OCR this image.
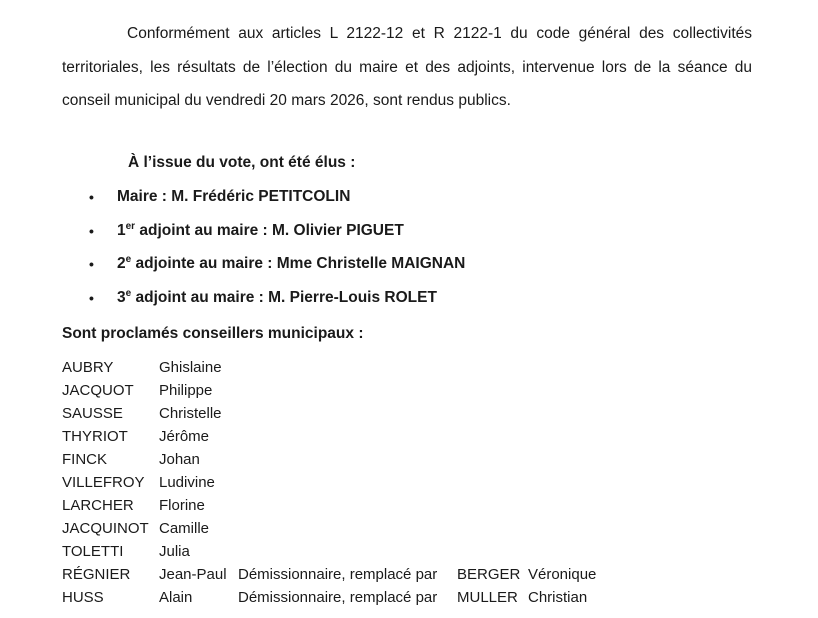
Conformément aux articles L 2122-12 et R 2122-1 du code général des collectivités territoriales, les résultats de l’élection du maire et des adjoints, intervenue lors de la séance du conseil municipal du vendredi 20 mars 2026, sont rendus publics.

À l’issue du vote, ont été élus :

• Maire : M. Frédéric PETITCOLIN
• 1er adjoint au maire : M. Olivier PIGUET
• 2e adjointe au maire : Mme Christelle MAIGNAN
• 3e adjoint au maire : M. Pierre-Louis ROLET

Sont proclamés conseillers municipaux :

AUBRY	Ghislaine
JACQUOT Philippe
SAUSSE Christelle
THYRIOT Jérôme
FINCK	Johan
VILLEFROY Ludivine
LARCHER Florine
JACQUINOT Camille
TOLETTI Julia
RÉGNIER Jean-Paul Démissionnaire, remplacé par BERGER Véronique
HUSS	Alain	Démissionnaire, remplacé par MULLER Christian
